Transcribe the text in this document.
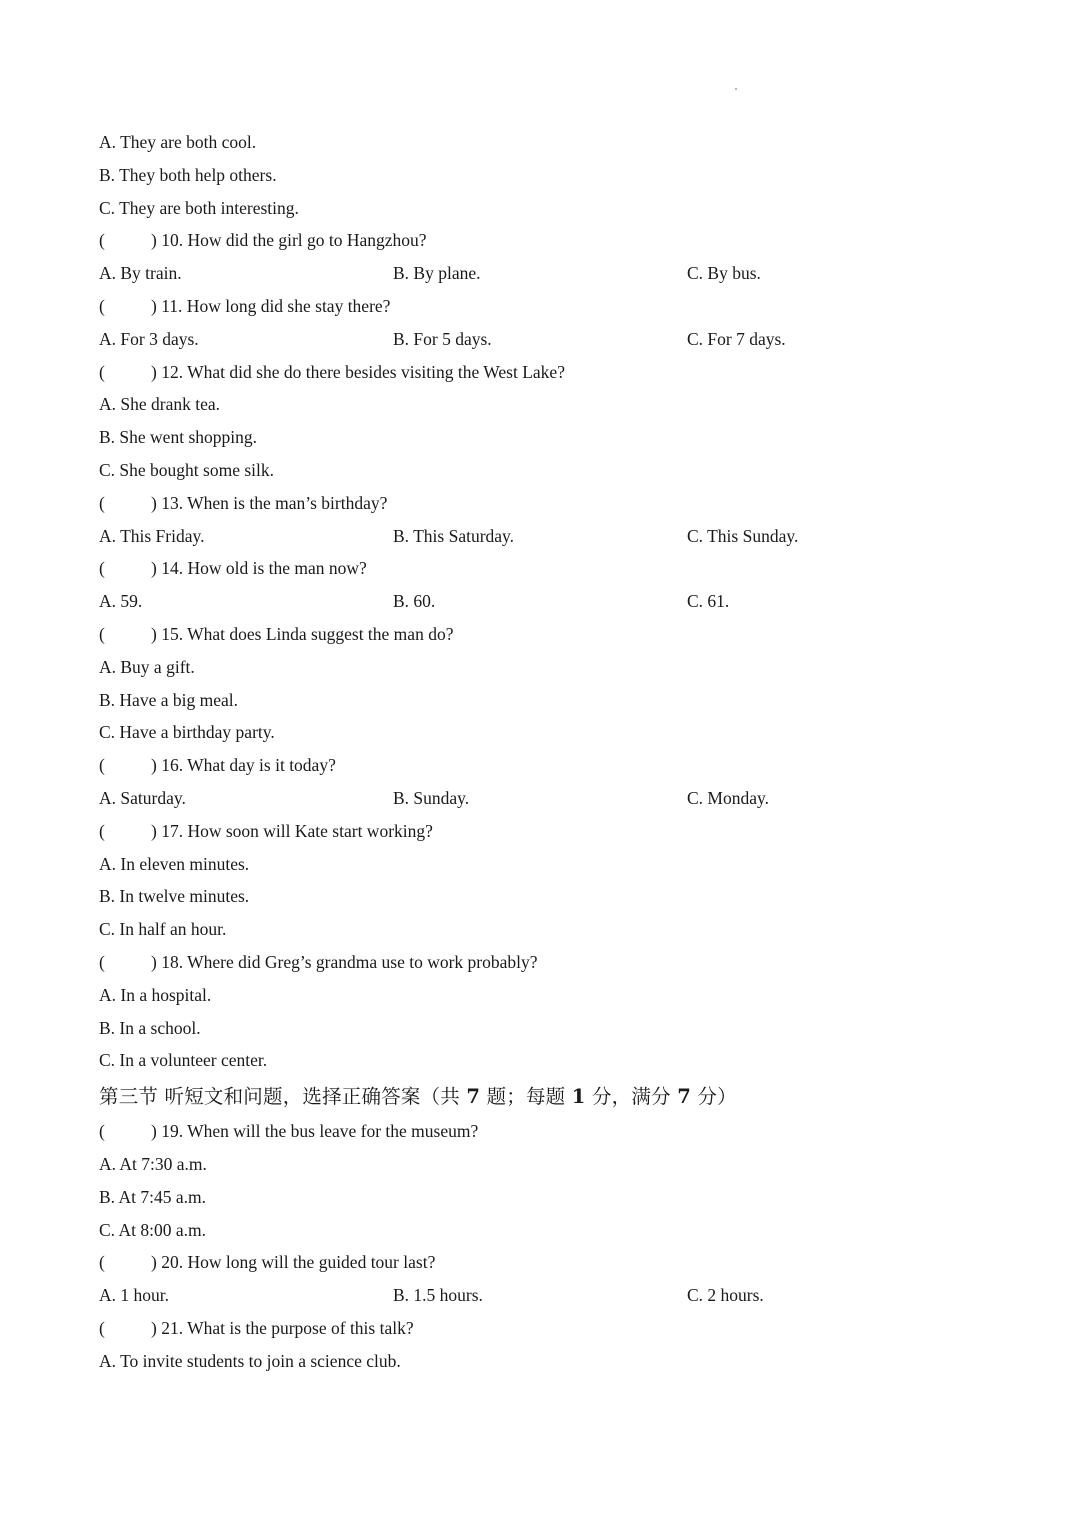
A. They are both cool.
B. They both help others.
C. They are both interesting.
(	) 10. How did the girl go to Hangzhou?
A. By train.	B. By plane.	C. By bus.
(	) 11. How long did she stay there?
A. For 3 days.	B. For 5 days.	C. For 7 days.
(	) 12. What did she do there besides visiting the West Lake?
A. She drank tea.
B. She went shopping.
C. She bought some silk.
(	) 13. When is the man’s birthday?
A. This Friday.	B. This Saturday.	C. This Sunday.
(	) 14. How old is the man now?
A. 59.	B. 60.	C. 61.
(	) 15. What does Linda suggest the man do?
A. Buy a gift.
B. Have a big meal.
C. Have a birthday party.
(	) 16. What day is it today?
A. Saturday.	B. Sunday.	C. Monday.
(	) 17. How soon will Kate start working?
A. In eleven minutes.
B. In twelve minutes.
C. In half an hour.
(	) 18. Where did Greg’s grandma use to work probably?
A. In a hospital.
B. In a school.
C. In a volunteer center.
第三节 听短文和问题，选择正确答案（共 7 题；每题 1 分，满分 7 分）
(	) 19. When will the bus leave for the museum?
A. At 7:30 a.m.
B. At 7:45 a.m.
C. At 8:00 a.m.
(	) 20. How long will the guided tour last?
A. 1 hour.	B. 1.5 hours.	C. 2 hours.
(	) 21. What is the purpose of this talk?
A. To invite students to join a science club.
